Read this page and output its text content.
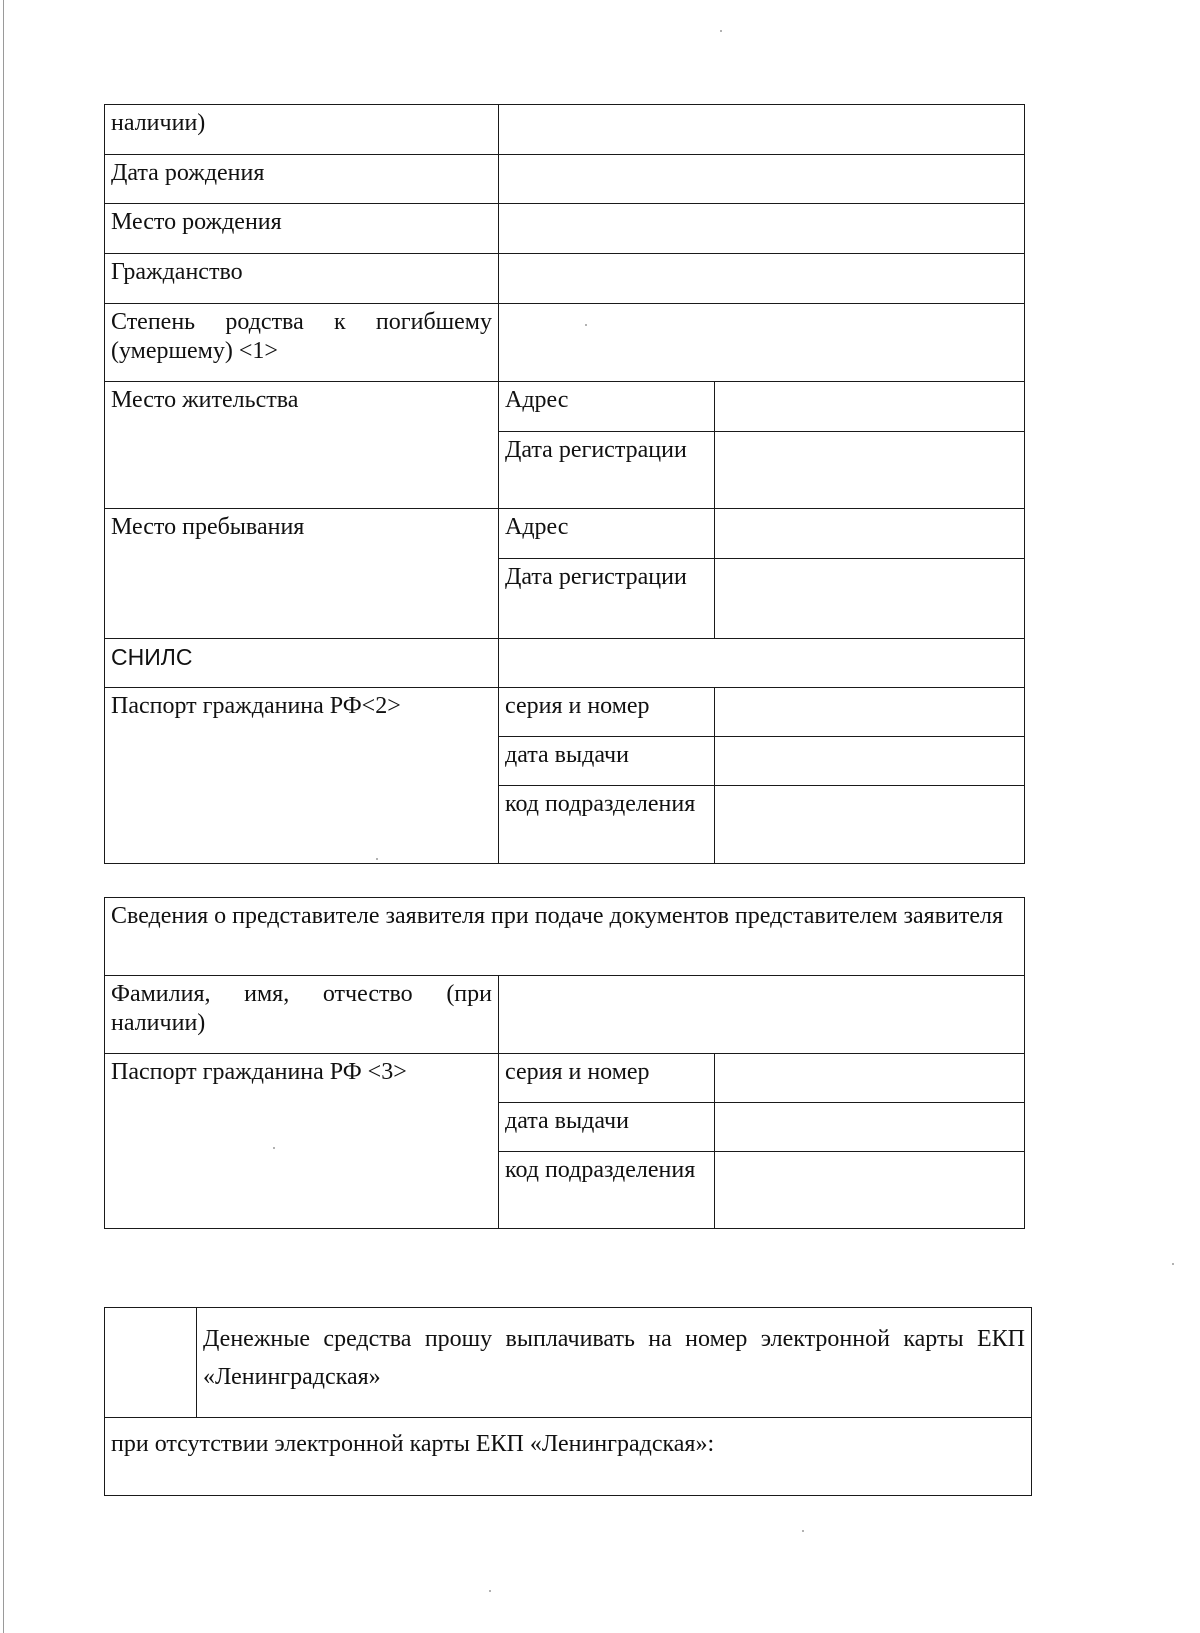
наличии)		
Дата рождения		
Место рождения		
Гражданство		

Степень родства к погибшему (умершему) <1>		

Место жительства	Адрес	
	Дата регистрации	
Место пребывания	Адрес	
	Дата регистрации	
СНИЛС		
Паспорт гражданина РФ<2>	серия и номер	
	дата выдачи	
	код подразделения	
Сведения о представителе заявителя при подаче документов представителем заявителя		

Фамилия, имя, отчество (при наличии)		

Паспорт гражданина РФ <3>	серия и номер	
	дата выдачи	
	код подразделения	

Денежные средства прошу выплачивать на номер электронной карты ЕКП «Ленинградская»

при отсутствии электронной карты ЕКП «Ленинградская»:
